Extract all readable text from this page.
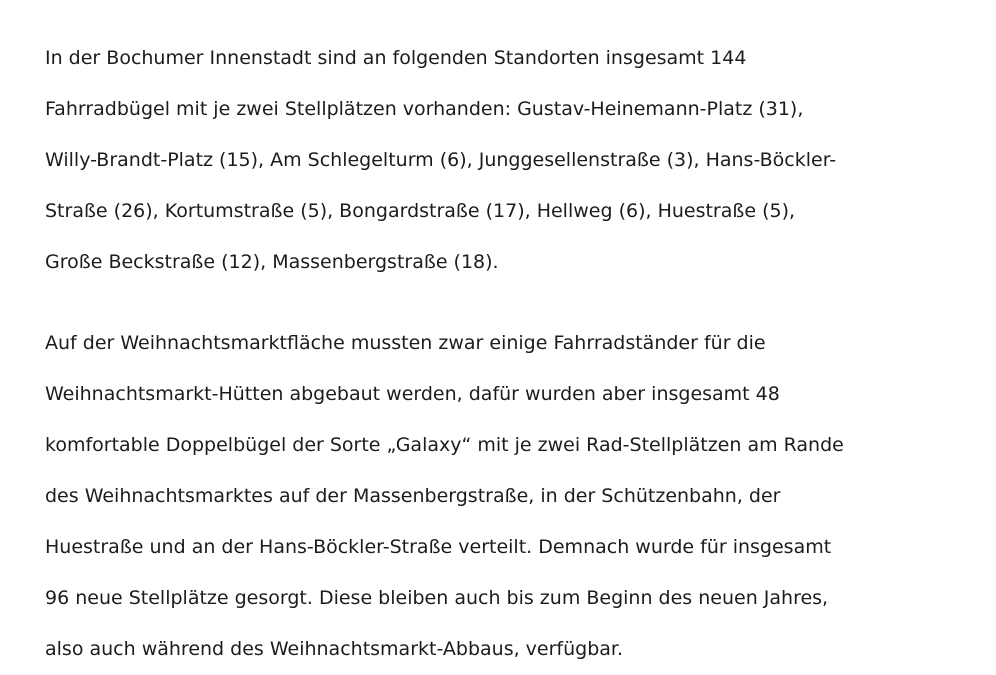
In der Bochumer Innenstadt sind an folgenden Standorten insgesamt 144
Fahrradbügel mit je zwei Stellplätzen vorhanden: Gustav-Heinemann-Platz (31),
Willy-Brandt-Platz (15), Am Schlegelturm (6), Junggesellenstraße (3), Hans-Böckler-
Straße (26), Kortumstraße (5), Bongardstraße (17), Hellweg (6), Huestraße (5),
Große Beckstraße (12), Massenbergstraße (18).

Auf der Weihnachtsmarktfläche mussten zwar einige Fahrradständer für die
Weihnachtsmarkt-Hütten abgebaut werden, dafür wurden aber insgesamt 48
komfortable Doppelbügel der Sorte „Galaxy“ mit je zwei Rad-Stellplätzen am Rande
des Weihnachtsmarktes auf der Massenbergstraße, in der Schützenbahn, der
Huestraße und an der Hans-Böckler-Straße verteilt. Demnach wurde für insgesamt
96 neue Stellplätze gesorgt. Diese bleiben auch bis zum Beginn des neuen Jahres,
also auch während des Weihnachtsmarkt-Abbaus, verfügbar.
